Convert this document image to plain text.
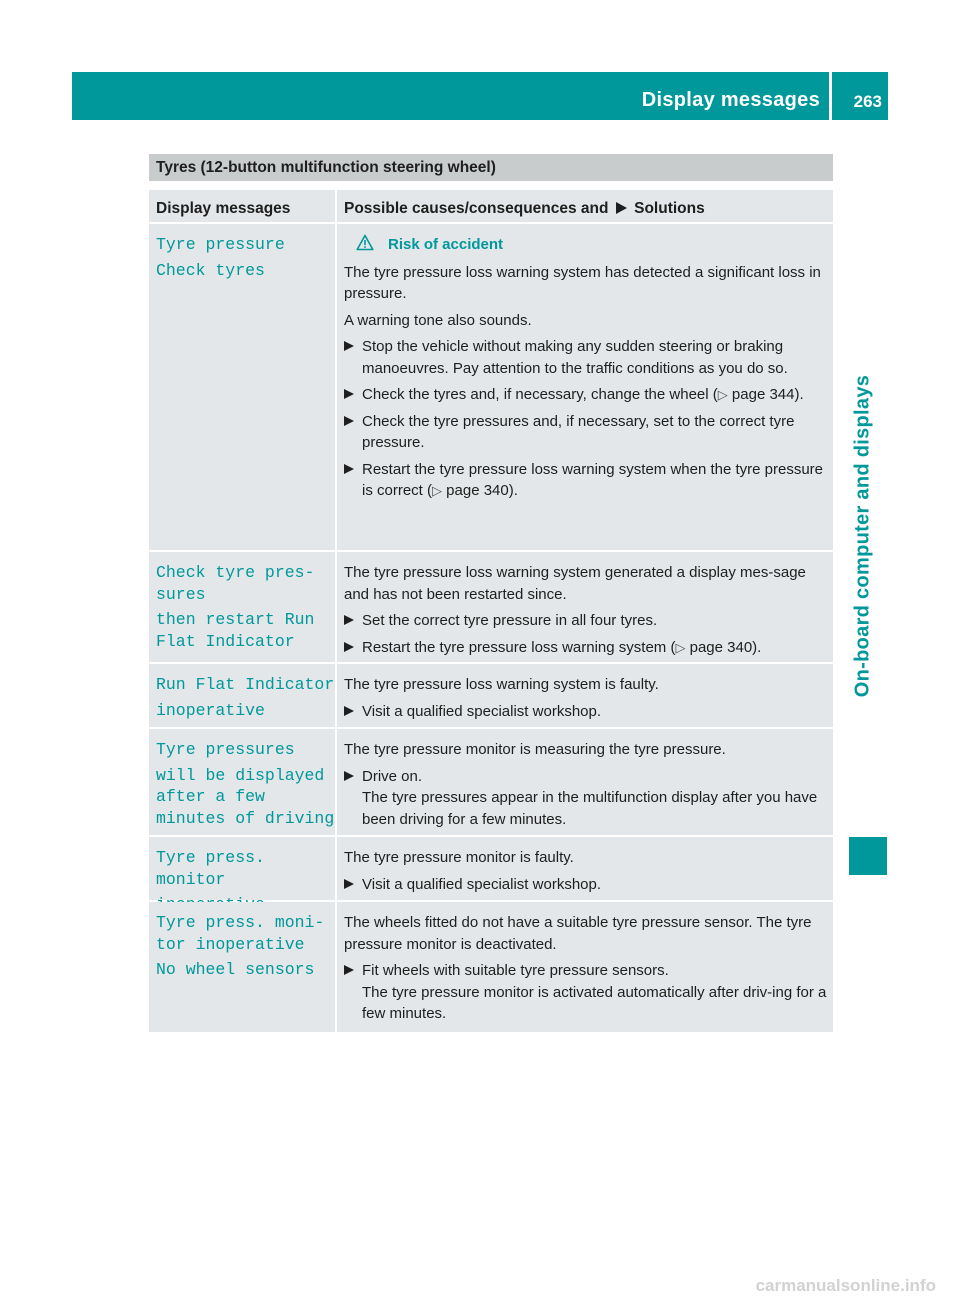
Display messages 263
On-board computer and displays
Tyres (12-button multifunction steering wheel)
Display messages	Possible causes/consequences and Solutions
Tyre pressure
Check tyres
Risk of accident

The tyre pressure loss warning system has detected a significant loss in pressure.

A warning tone also sounds.

Stop the vehicle without making any sudden steering or braking manoeuvres. Pay attention to the traffic conditions as you do so.
Check the tyres and, if necessary, change the wheel (▷ page 344).
Check the tyre pressures and, if necessary, set to the correct tyre pressure.
Restart the tyre pressure loss warning system when the tyre pressure is correct (▷ page 340).
Check tyre pres‑
sures
then restart Run
Flat Indicator

The tyre pressure loss warning system generated a display mes-sage and has not been restarted since.

Set the correct tyre pressure in all four tyres.
Restart the tyre pressure loss warning system (▷ page 340).
Run Flat Indicator
inoperative

The tyre pressure loss warning system is faulty.

Visit a qualified specialist workshop.
Tyre pressures
will be displayed
after a few
minutes of driving

The tyre pressure monitor is measuring the tyre pressure.

Drive on.
The tyre pressures appear in the multifunction display after you have been driving for a few minutes.
Tyre press. monitor

The tyre pressure monitor is faulty.

Visit a qualified specialist workshop.
Tyre press. moni‑
tor inoperative
No wheel sensors

The wheels fitted do not have a suitable tyre pressure sensor. The tyre pressure monitor is deactivated.

Fit wheels with suitable tyre pressure sensors.
The tyre pressure monitor is activated automatically after driv-ing for a few minutes.
carmanualsonline.info
